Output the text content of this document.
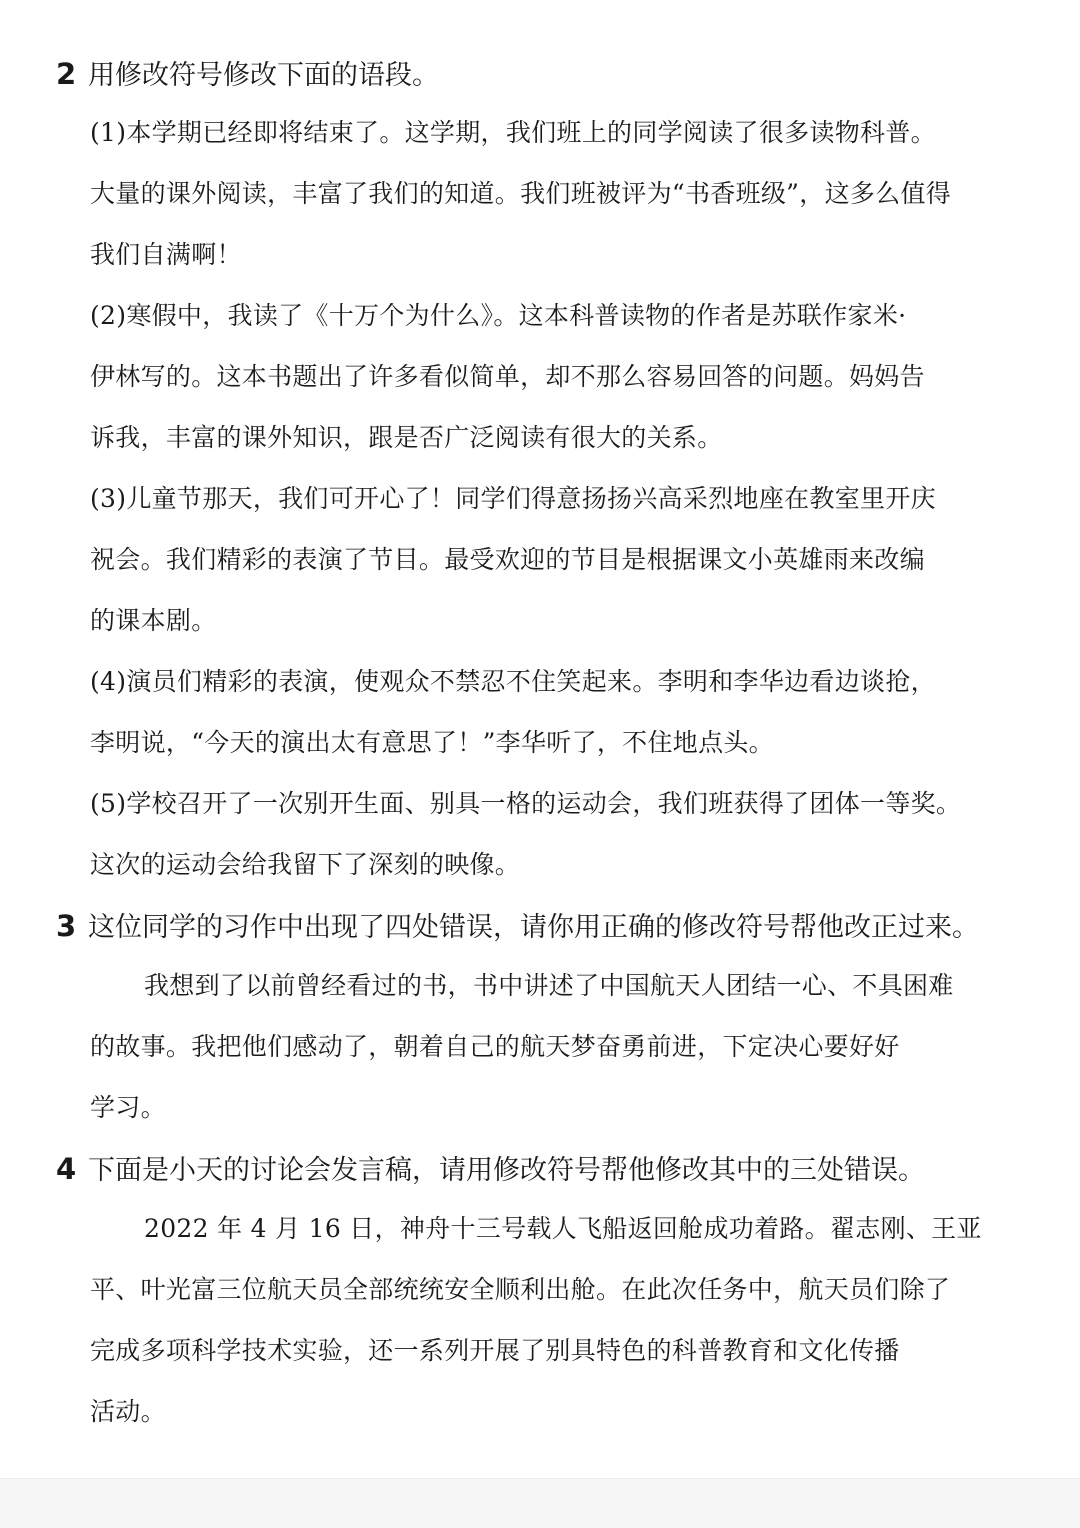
2 用修改符号修改下面的语段。
(1)本学期已经即将结束了。这学期，我们班上的同学阅读了很多读物科普。
大量的课外阅读，丰富了我们的知道。我们班被评为“书香班级”，这多么值得
我们自满啊！
(2)寒假中，我读了《十万个为什么》。这本科普读物的作者是苏联作家米·
伊林写的。这本书题出了许多看似简单，却不那么容易回答的问题。妈妈告
诉我，丰富的课外知识，跟是否广泛阅读有很大的关系。
(3)儿童节那天，我们可开心了！同学们得意扬扬兴高采烈地座在教室里开庆
祝会。我们精彩的表演了节目。最受欢迎的节目是根据课文小英雄雨来改编
的课本剧。
(4)演员们精彩的表演，使观众不禁忍不住笑起来。李明和李华边看边谈抢，
李明说，“今天的演出太有意思了！”李华听了，不住地点头。
(5)学校召开了一次别开生面、别具一格的运动会，我们班获得了团体一等奖。
这次的运动会给我留下了深刻的映像。
3 这位同学的习作中出现了四处错误，请你用正确的修改符号帮他改正过来。
我想到了以前曾经看过的书，书中讲述了中国航天人团结一心、不具困难
的故事。我把他们感动了，朝着自己的航天梦奋勇前进，下定决心要好好
学习。
4 下面是小天的讨论会发言稿，请用修改符号帮他修改其中的三处错误。
2022 年 4 月 16 日，神舟十三号载人飞船返回舱成功着路。翟志刚、王亚
平、叶光富三位航天员全部统统安全顺利出舱。在此次任务中，航天员们除了
完成多项科学技术实验，还一系列开展了别具特色的科普教育和文化传播
活动。
